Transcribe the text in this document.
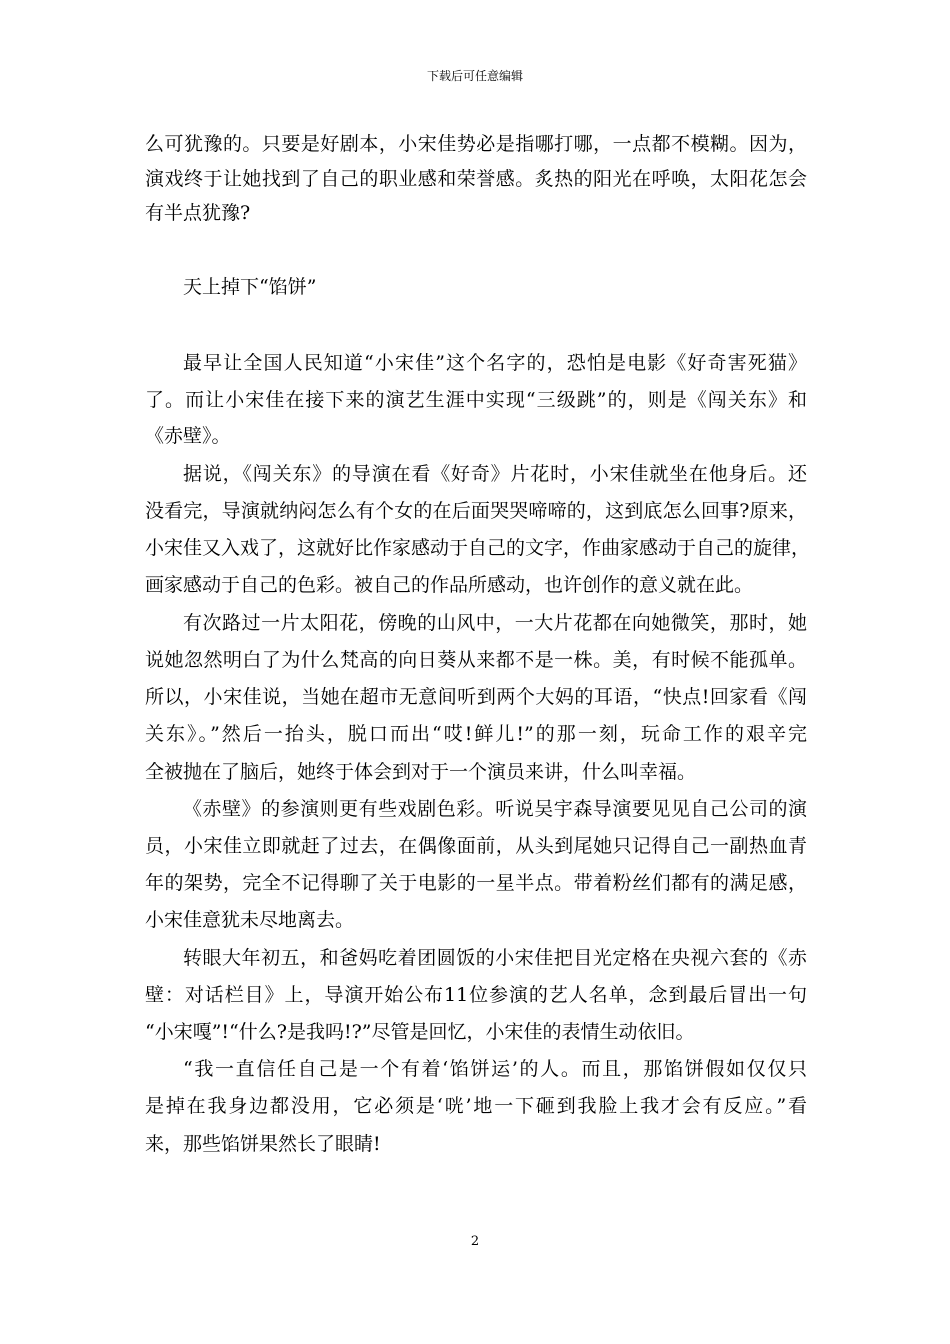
下载后可任意编辑
么可犹豫的。只要是好剧本，小宋佳势必是指哪打哪，一点都不模糊。因为，
演戏终于让她找到了自己的职业感和荣誉感。炙热的阳光在呼唤，太阳花怎会
有半点犹豫?
天上掉下“馅饼”
最早让全国人民知道“小宋佳”这个名字的，恐怕是电影《好奇害死猫》
了。而让小宋佳在接下来的演艺生涯中实现“三级跳”的，则是《闯关东》和
《赤壁》。
据说，《闯关东》的导演在看《好奇》片花时，小宋佳就坐在他身后。还
没看完，导演就纳闷怎么有个女的在后面哭哭啼啼的，这到底怎么回事?原来，
小宋佳又入戏了，这就好比作家感动于自己的文字，作曲家感动于自己的旋律，
画家感动于自己的色彩。被自己的作品所感动，也许创作的意义就在此。
有次路过一片太阳花，傍晚的山风中，一大片花都在向她微笑，那时，她
说她忽然明白了为什么梵高的向日葵从来都不是一株。美，有时候不能孤单。
所以，小宋佳说，当她在超市无意间听到两个大妈的耳语，“快点!回家看《闯
关东》。”然后一抬头，脱口而出“哎!鲜儿!”的那一刻，玩命工作的艰辛完
全被抛在了脑后，她终于体会到对于一个演员来讲，什么叫幸福。
《赤壁》的参演则更有些戏剧色彩。听说吴宇森导演要见见自己公司的演
员，小宋佳立即就赶了过去，在偶像面前，从头到尾她只记得自己一副热血青
年的架势，完全不记得聊了关于电影的一星半点。带着粉丝们都有的满足感，
小宋佳意犹未尽地离去。
转眼大年初五，和爸妈吃着团圆饭的小宋佳把目光定格在央视六套的《赤
壁：对话栏目》上，导演开始公布11位参演的艺人名单，念到最后冒出一句
“小宋嘎”!“什么?是我吗!?”尽管是回忆，小宋佳的表情生动依旧。
“我一直信任自己是一个有着‘馅饼运’的人。而且，那馅饼假如仅仅只
是掉在我身边都没用，它必须是‘咣’地一下砸到我脸上我才会有反应。”看
来，那些馅饼果然长了眼睛!
2
